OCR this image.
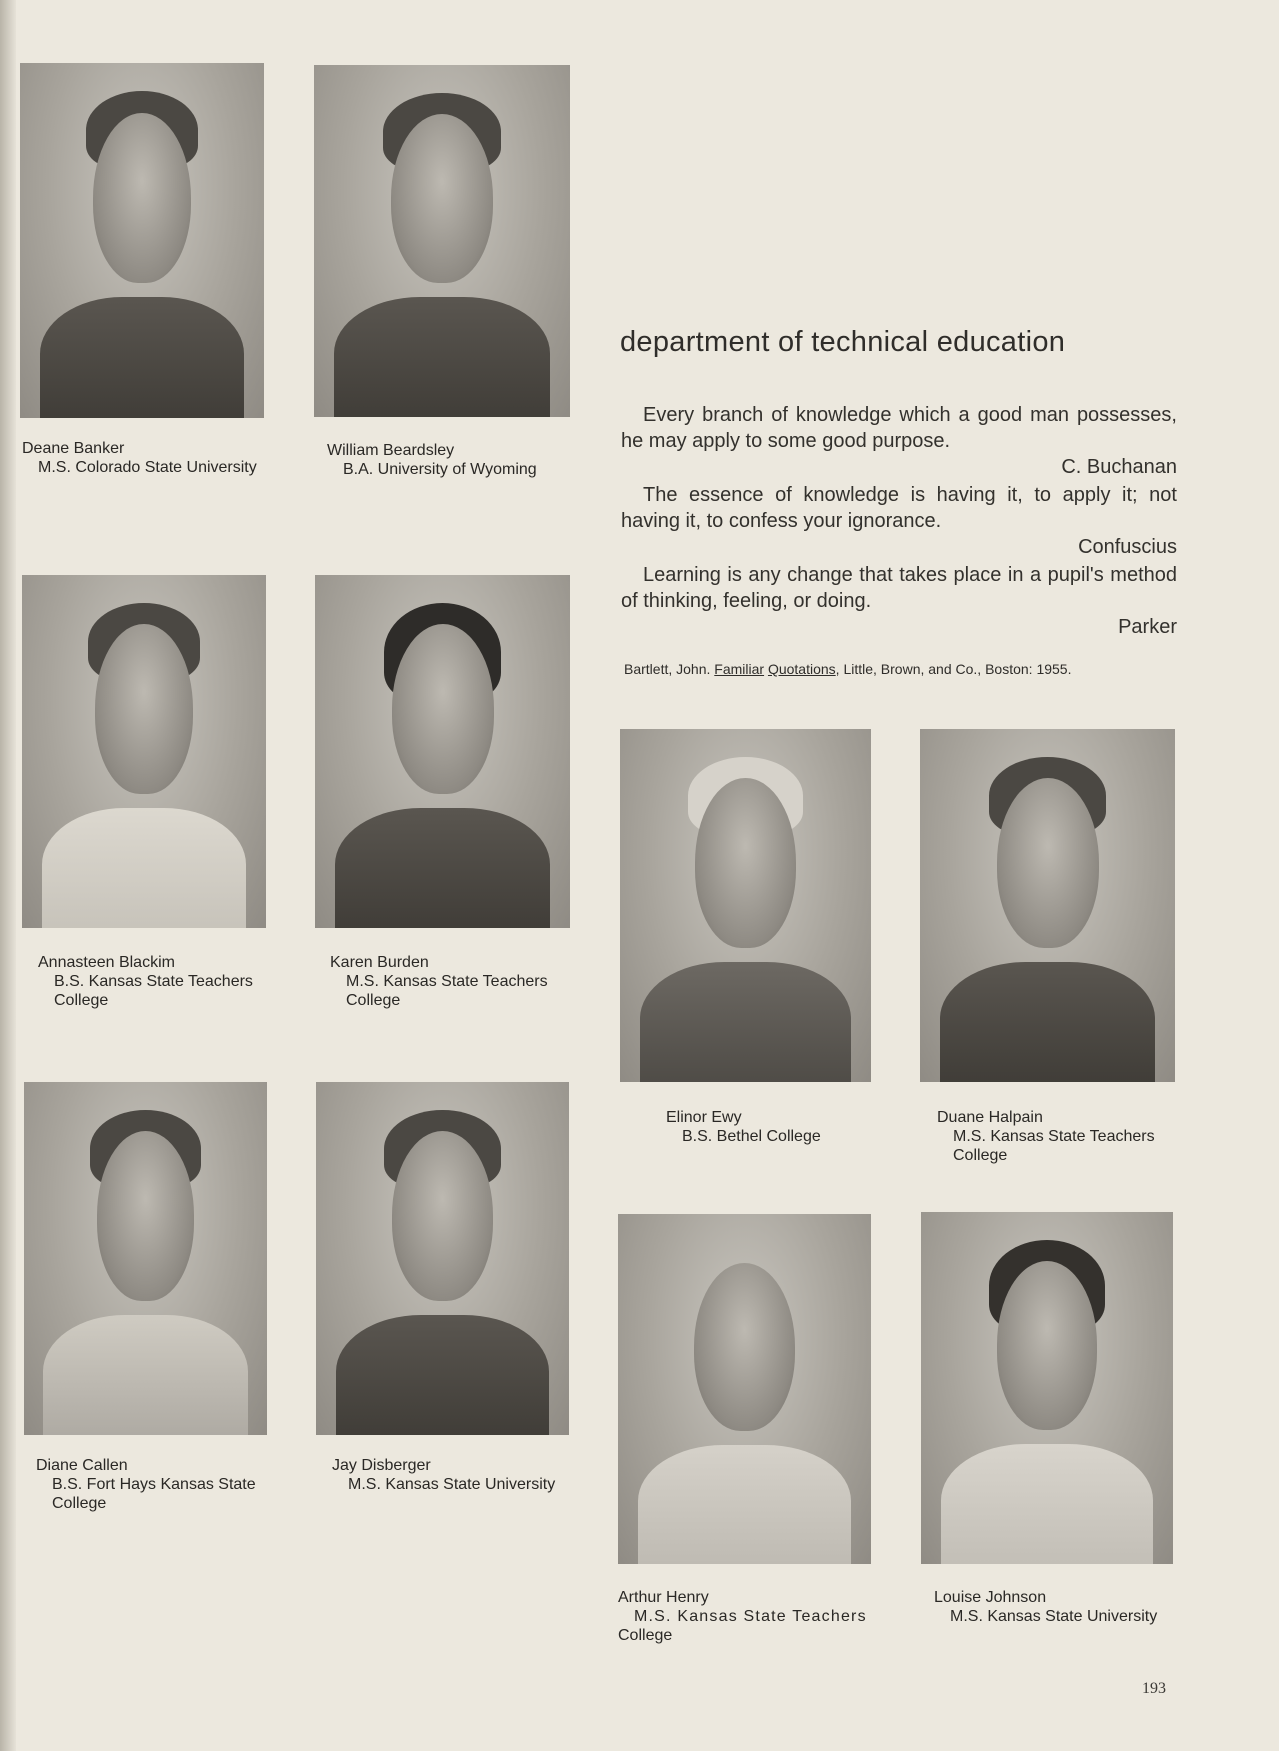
Deane Banker
M.S. Colorado State University
William Beardsley
B.A. University of Wyoming
Annasteen Blackim
B.S. Kansas State Teachers
College
Karen Burden
M.S. Kansas State Teachers
College
Diane Callen
B.S. Fort Hays Kansas State
College
Jay Disberger
M.S. Kansas State University
Elinor Ewy
B.S. Bethel College
Duane Halpain
M.S. Kansas State Teachers
College
Arthur Henry
M.S. Kansas State Teachers
College
Louise Johnson
M.S. Kansas State University
department of technical education

Every branch of knowledge which a good man possesses, he may apply to some good purpose.

C. Buchanan

The essence of knowledge is having it, to apply it; not having it, to confess your ignorance.

Confuscius

Learning is any change that takes place in a pupil's method of thinking, feeling, or doing.

Parker

Bartlett, John. Familiar Quotations, Little, Brown, and Co., Boston: 1955.
193
